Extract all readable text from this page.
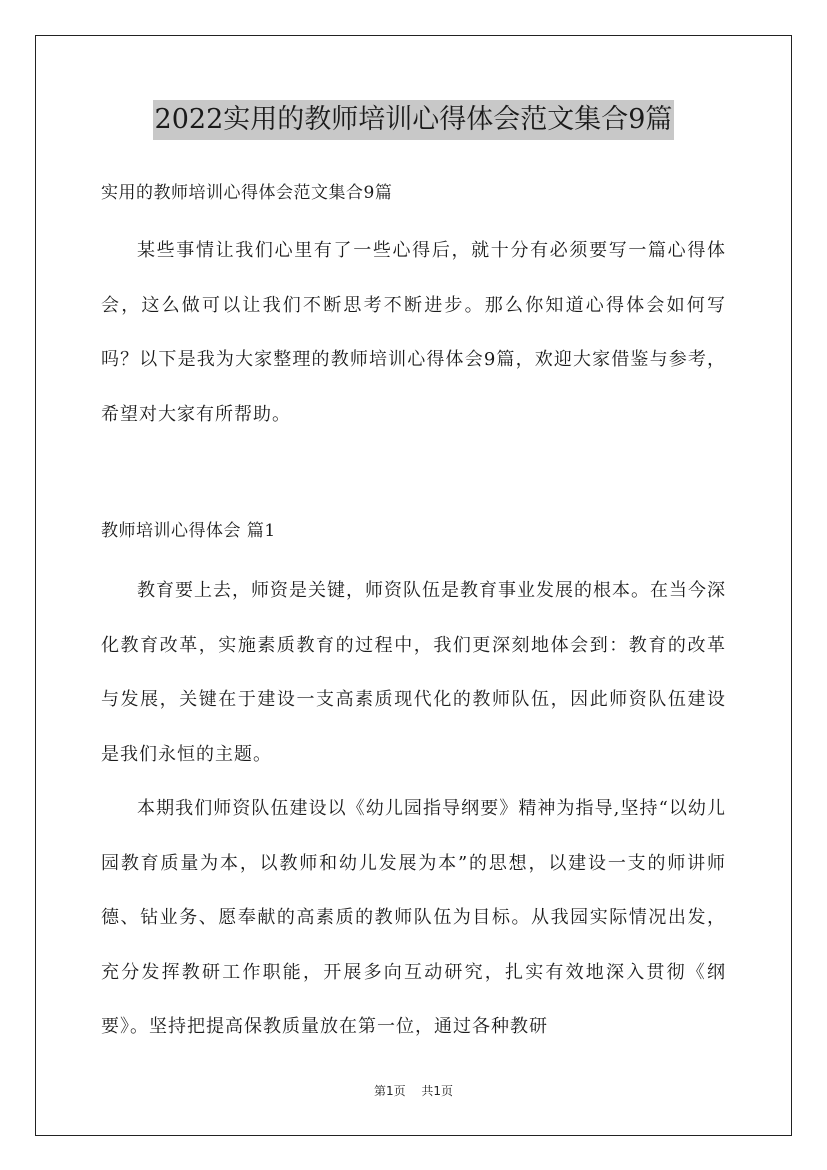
2022实用的教师培训心得体会范文集合9篇

实用的教师培训心得体会范文集合9篇

某些事情让我们心里有了一些心得后，就十分有必须要写一篇心得体会，这么做可以让我们不断思考不断进步。那么你知道心得体会如何写吗？以下是我为大家整理的教师培训心得体会9篇，欢迎大家借鉴与参考，希望对大家有所帮助。

教师培训心得体会 篇1

教育要上去，师资是关键，师资队伍是教育事业发展的根本。在当今深化教育改革，实施素质教育的过程中，我们更深刻地体会到：教育的改革与发展，关键在于建设一支高素质现代化的教师队伍，因此师资队伍建设是我们永恒的主题。

本期我们师资队伍建设以《幼儿园指导纲要》精神为指导,坚持“以幼儿园教育质量为本，以教师和幼儿发展为本”的思想，以建设一支的师讲师德、钻业务、愿奉献的高素质的教师队伍为目标。从我园实际情况出发，充分发挥教研工作职能，开展多向互动研究，扎实有效地深入贯彻《纲要》。坚持把提高保教质量放在第一位，通过各种教研

第1页 共1页
